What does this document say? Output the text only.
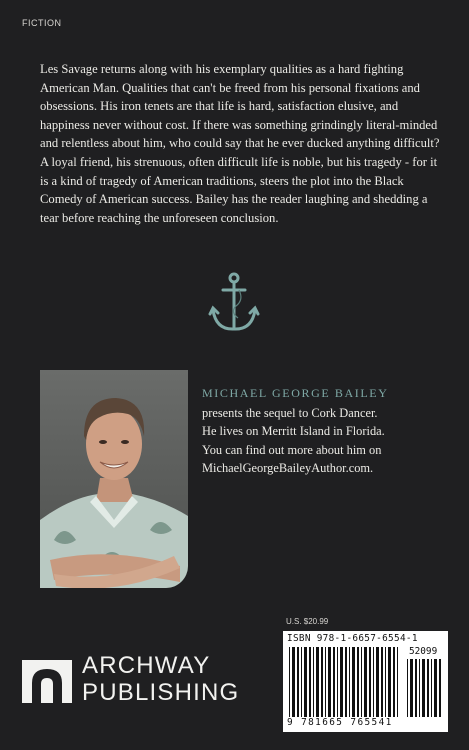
FICTION

Les Savage returns along with his exemplary qualities as a hard fighting American Man. Qualities that can't be freed from his personal fixations and obsessions. His iron tenets are that life is hard, satisfaction elusive, and happiness never without cost. If there was something grindingly literal-minded and relentless about him, who could say that he ever ducked anything difficult? A loyal friend, his strenuous, often difficult life is noble, but his tragedy - for it is a kind of tragedy of American traditions, steers the plot into the Black Comedy of American success. Bailey has the reader laughing and shedding a tear before reaching the unforeseen conclusion.

MICHAEL GEORGE BAILEY

presents the sequel to Cork Dancer.

He lives on Merritt Island in Florida.

You can find out more about him on

MichaelGeorgeBaileyAuthor.com.

U.S. $20.99
ISBN 978-1-6657-6554-1
52099
9 781665 765541
ARCHWAY
PUBLISHING
